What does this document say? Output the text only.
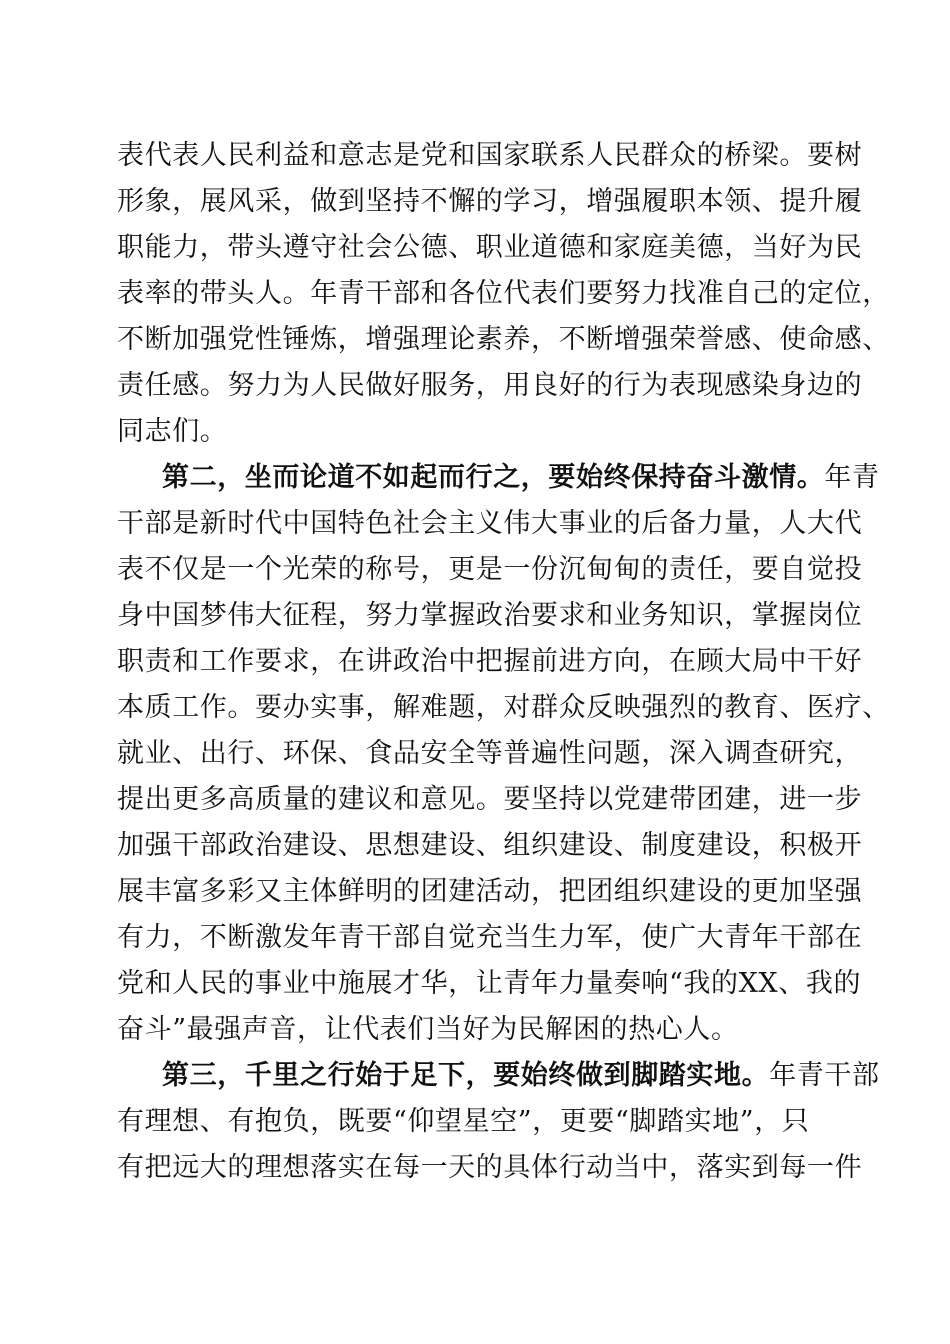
表代表人民利益和意志是党和国家联系人民群众的桥梁。要树
形象，展风采，做到坚持不懈的学习，增强履职本领、提升履
职能力，带头遵守社会公德、职业道德和家庭美德，当好为民
表率的带头人。年青干部和各位代表们要努力找准自己的定位，
不断加强党性锤炼，增强理论素养，不断增强荣誉感、使命感、
责任感。努力为人民做好服务，用良好的行为表现感染身边的
同志们。
第二，坐而论道不如起而行之，要始终保持奋斗激情。年青
干部是新时代中国特色社会主义伟大事业的后备力量，人大代
表不仅是一个光荣的称号，更是一份沉甸甸的责任，要自觉投
身中国梦伟大征程，努力掌握政治要求和业务知识，掌握岗位
职责和工作要求，在讲政治中把握前进方向，在顾大局中干好
本质工作。要办实事，解难题，对群众反映强烈的教育、医疗、
就业、出行、环保、食品安全等普遍性问题，深入调查研究，
提出更多高质量的建议和意见。要坚持以党建带团建，进一步
加强干部政治建设、思想建设、组织建设、制度建设，积极开
展丰富多彩又主体鲜明的团建活动，把团组织建设的更加坚强
有力，不断激发年青干部自觉充当生力军，使广大青年干部在
党和人民的事业中施展才华，让青年力量奏响“我的XX、我的
奋斗”最强声音，让代表们当好为民解困的热心人。
第三，千里之行始于足下，要始终做到脚踏实地。年青干部
有理想、有抱负，既要“仰望星空”，更要“脚踏实地”，只
有把远大的理想落实在每一天的具体行动当中，落实到每一件
